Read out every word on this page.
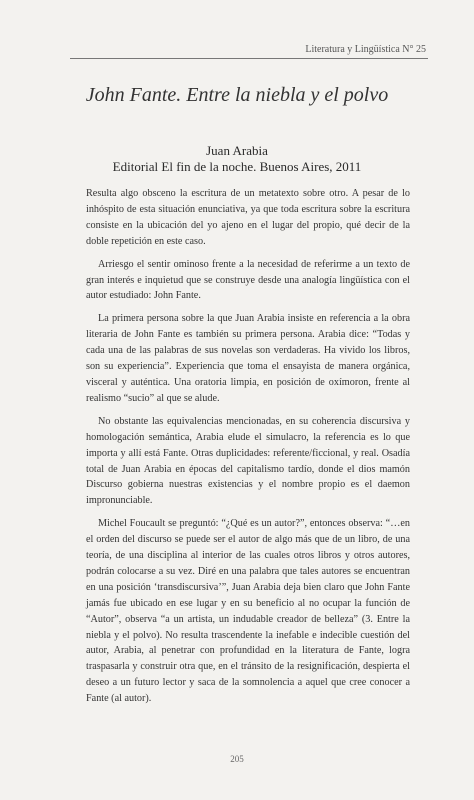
Literatura y Lingüística N° 25
John Fante. Entre la niebla y el polvo
Juan Arabia
Editorial El fin de la noche. Buenos Aires, 2011

Resulta algo obsceno la escritura de un metatexto sobre otro. A pesar de lo inhóspito de esta situación enunciativa, ya que toda escritura sobre la escritura consiste en la ubicación del yo ajeno en el lugar del propio, qué decir de la doble repetición en este caso.

Arriesgo el sentir ominoso frente a la necesidad de referirme a un texto de gran interés e inquietud que se construye desde una analogía lingüística con el autor estudiado: John Fante.

La primera persona sobre la que Juan Arabia insiste en referencia a la obra literaria de John Fante es también su primera persona. Arabia dice: “Todas y cada una de las palabras de sus novelas son verdaderas. Ha vivido los libros, son su experiencia”. Experiencia que toma el ensayista de manera orgánica, visceral y auténtica. Una oratoria limpia, en posición de oxímoron, frente al realismo “sucio” al que se alude.

No obstante las equivalencias mencionadas, en su coherencia discursiva y homologación semántica, Arabia elude el simulacro, la referencia es lo que importa y allí está Fante. Otras duplicidades: referente/ficcional, y real. Osadía total de Juan Arabia en épocas del capitalismo tardío, donde el dios mamón Discurso gobierna nuestras existencias y el nombre propio es el daemon impronunciable.

Michel Foucault se preguntó: “¿Qué es un autor?”, entonces observa: “…en el orden del discurso se puede ser el autor de algo más que de un libro, de una teoría, de una disciplina al interior de las cuales otros libros y otros autores, podrán colocarse a su vez. Diré en una palabra que tales autores se encuentran en una posición ‘transdiscursiva’”, Juan Arabia deja bien claro que John Fante jamás fue ubicado en ese lugar y en su beneficio al no ocupar la función de “Autor”, observa “a un artista, un indudable creador de belleza” (3. Entre la niebla y el polvo). No resulta trascendente la inefable e indecible cuestión del autor, Arabia, al penetrar con profundidad en la literatura de Fante, logra traspasarla y construir otra que, en el tránsito de la resignificación, despierta el deseo a un futuro lector y saca de la somnolencia a aquel que cree conocer a Fante (al autor).

205
